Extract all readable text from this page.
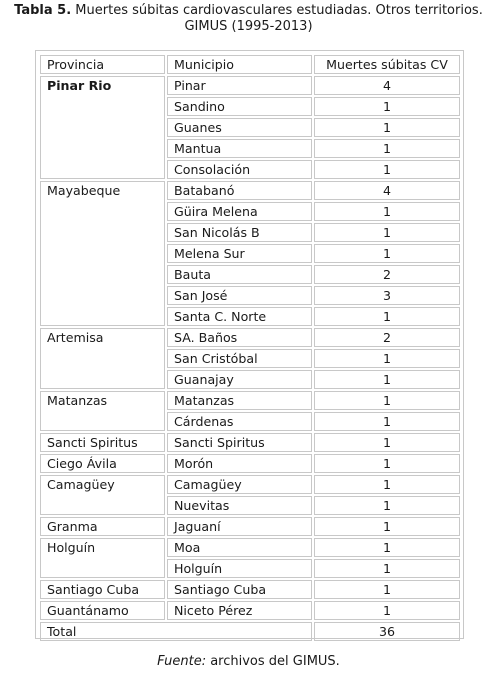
Tabla 5. Muertes súbitas cardiovasculares estudiadas. Otros territorios.
GIMUS (1995-2013)
Provincia	Municipio	Muertes súbitas CV
Pinar Rio	Pinar	4
	Sandino	1
	Guanes	1
	Mantua	1
	Consolación	1
Mayabeque	Batabanó	4
	Güira Melena	1
	San Nicolás B	1
	Melena Sur	1
	Bauta	2
	San José	3
	Santa C. Norte	1
Artemisa	SA. Baños	2
	San Cristóbal	1
	Guanajay	1
Matanzas	Matanzas	1
	Cárdenas	1
Sancti Spiritus	Sancti Spiritus	1
Ciego Ávila	Morón	1
Camagüey	Camagüey	1
	Nuevitas	1
Granma	Jaguaní	1
Holguín	Moa	1
	Holguín	1
Santiago Cuba	Santiago Cuba	1
Guantánamo	Niceto Pérez	1
Total		36
Fuente: archivos del GIMUS.
